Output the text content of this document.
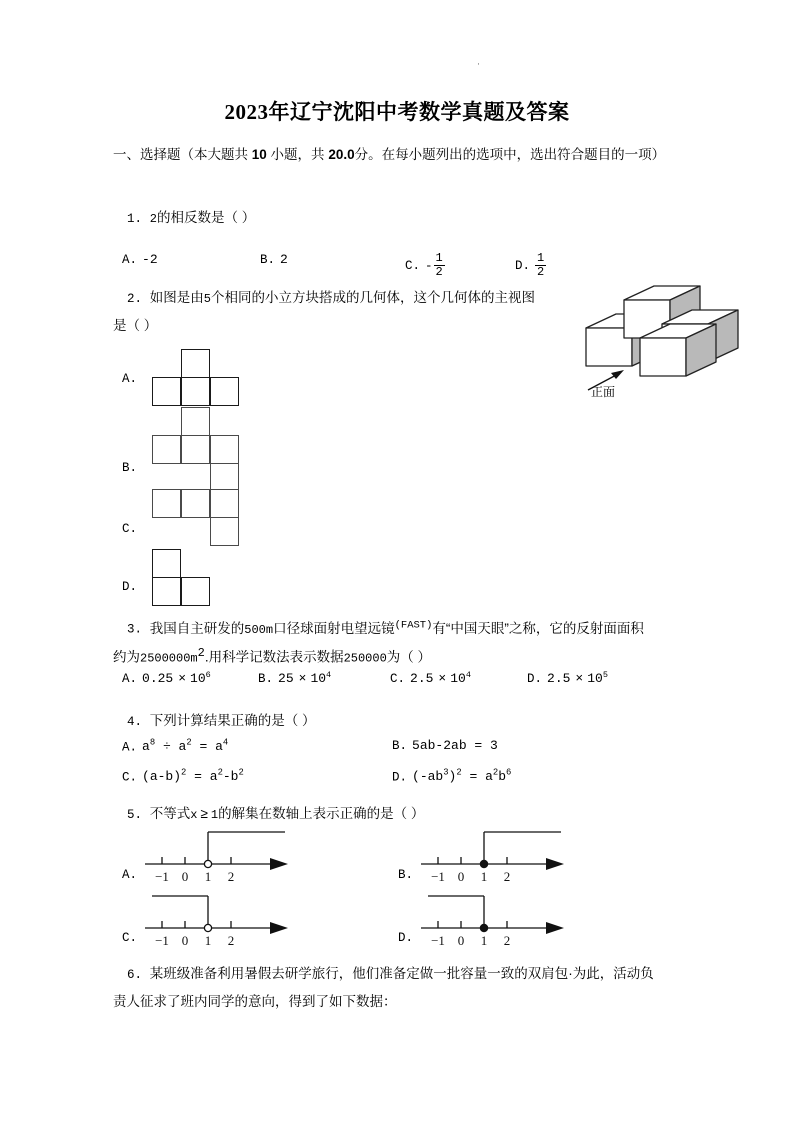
·
2023年辽宁沈阳中考数学真题及答案
一、选择题（本大题共 10 小题，共 20.0分。在每小题列出的选项中，选出符合题目的一项）
1. 2的相反数是（ ）
A. -2	B. 2	C. - $\frac{1}{2}$	D. $\frac{1}{2}$
2. 如图是由5个相同的小立方块搭成的几何体，这个几何体的主视图
是（ ）
正面
A.
B.
C.
D.
3. 我国自主研发的500m口径球面射电望远镜$^{(FAST)}$有“中国天眼”之称，它的反射面面积
约为$2500000m^2$.用科学记数法表示数据250000为（ ）
A. $0.25 \times 10^6$	B. $25 \times 10^4$	C. $2.5 \times 10^4$	D. $2.5 \times 10^5$
4. 下列计算结果正确的是（ ）
A. $a^8 \div a^2 = a^4$	B. 5ab-2ab = 3
C. $(a-b)^2 = a^2-b^2$	D. $(-ab^3)^2 = a^2b^6$
5. 不等式x ≥ 1的解集在数轴上表示正确的是（ ）
A. −1 0 1 2	B. −1 0 1 2
C. −1 0 1 2	D. −1 0 1 2
6. 某班级准备利用暑假去研学旅行，他们准备定做一批容量一致的双肩包·为此，活动负
责人征求了班内同学的意向，得到了如下数据：
